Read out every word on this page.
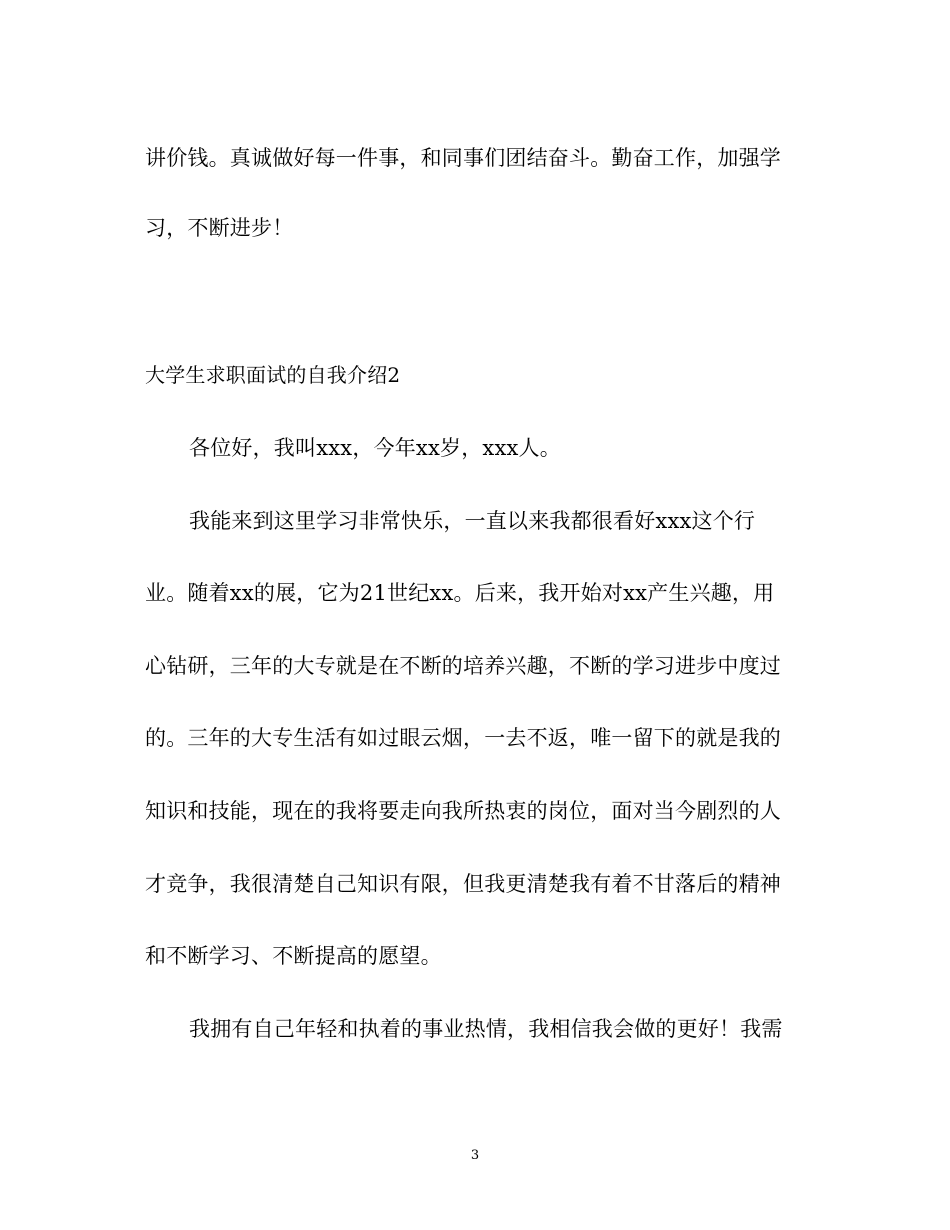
讲价钱。真诚做好每一件事，和同事们团结奋斗。勤奋工作，加强学
习，不断进步！
大学生求职面试的自我介绍2
各位好，我叫xxx，今年xx岁，xxx人。
我能来到这里学习非常快乐，一直以来我都很看好xxx这个行
业。随着xx的展，它为21世纪xx。后来，我开始对xx产生兴趣，用
心钻研，三年的大专就是在不断的培养兴趣，不断的学习进步中度过
的。三年的大专生活有如过眼云烟，一去不返，唯一留下的就是我的
知识和技能，现在的我将要走向我所热衷的岗位，面对当今剧烈的人
才竞争，我很清楚自己知识有限，但我更清楚我有着不甘落后的精神
和不断学习、不断提高的愿望。
我拥有自己年轻和执着的事业热情，我相信我会做的更好！我需
3
